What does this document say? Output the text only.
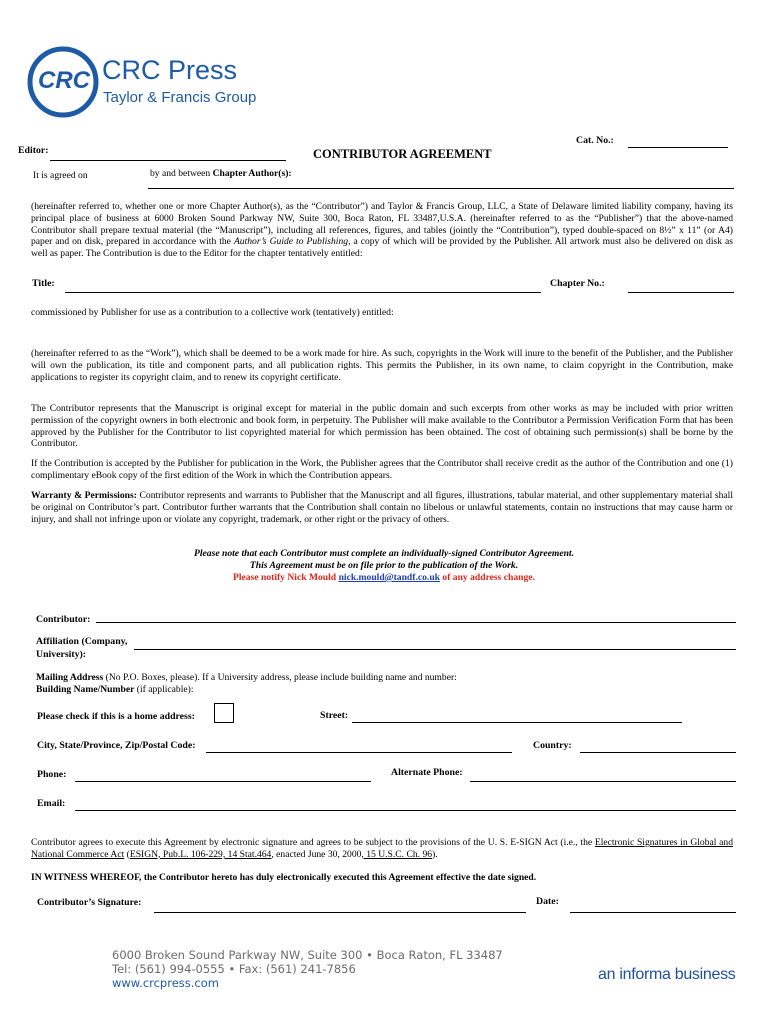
CRC CRC Press
Taylor & Francis Group
Editor:	CONTRIBUTOR AGREEMENT
Cat. No.:
It is agreed on	by and between Chapter Author(s):
(hereinafter referred to, whether one or more Chapter Author(s), as the “Contributor”) and Taylor & Francis Group, LLC, a State of Delaware limited liability company, having its principal place of business at 6000 Broken Sound Parkway NW, Suite 300, Boca Raton, FL 33487,U.S.A. (hereinafter referred to as the “Publisher”) that the above-named Contributor shall prepare textual material (the “Manuscript”), including all references, figures, and tables (jointly the “Contribution”), typed double-spaced on 8½” x 11” (or A4) paper and on disk, prepared in accordance with the Author’s Guide to Publishing, a copy of which will be provided by the Publisher. All artwork must also be delivered on disk as well as paper. The Contribution is due to the Editor for the chapter tentatively entitled:
Title:	Chapter No.:
commissioned by Publisher for use as a contribution to a collective work (tentatively) entitled:
(hereinafter referred to as the “Work”), which shall be deemed to be a work made for hire. As such, copyrights in the Work will inure to the benefit of the Publisher, and the Publisher will own the publication, its title and component parts, and all publication rights. This permits the Publisher, in its own name, to claim copyright in the Contribution, make applications to register its copyright claim, and to renew its copyright certificate.
The Contributor represents that the Manuscript is original except for material in the public domain and such excerpts from other works as may be included with prior written permission of the copyright owners in both electronic and book form, in perpetuity. The Publisher will make available to the Contributor a Permission Verification Form that has been approved by the Publisher for the Contributor to list copyrighted material for which permission has been obtained. The cost of obtaining such permission(s) shall be borne by the Contributor.
If the Contribution is accepted by the Publisher for publication in the Work, the Publisher agrees that the Contributor shall receive credit as the author of the Contribution and one (1) complimentary eBook copy of the first edition of the Work in which the Contribution appears.
Warranty & Permissions: Contributor represents and warrants to Publisher that the Manuscript and all figures, illustrations, tabular material, and other supplementary material shall be original on Contributor’s part. Contributor further warrants that the Contribution shall contain no libelous or unlawful statements, contain no instructions that may cause harm or injury, and shall not infringe upon or violate any copyright, trademark, or other right or the privacy of others.
Please note that each Contributor must complete an individually-signed Contributor Agreement.
This Agreement must be on file prior to the publication of the Work.
Please notify Nick Mould nick.mould@tandf.co.uk of any address change.
Contributor:
Affiliation (Company,
University):
Mailing Address (No P.O. Boxes, please). If a University address, please include building name and number:
Building Name/Number (if applicable):
Please check if this is a home address:	Street:
City, State/Province, Zip/Postal Code:	Country:
Phone:	Alternate Phone:
Email:
Contributor agrees to execute this Agreement by electronic signature and agrees to be subject to the provisions of the U. S. E-SIGN Act (i.e., the Electronic Signatures in Global and National Commerce Act (ESIGN, Pub.L. 106-229, 14 Stat.464, enacted June 30, 2000, 15 U.S.C. Ch. 96).
IN WITNESS WHEREOF, the Contributor hereto has duly electronically executed this Agreement effective the date signed.
Contributor’s Signature:	Date:
6000 Broken Sound Parkway NW, Suite 300 • Boca Raton, FL 33487
Tel: (561) 994-0555 • Fax: (561) 241-7856
www.crcpress.com	an informa business
